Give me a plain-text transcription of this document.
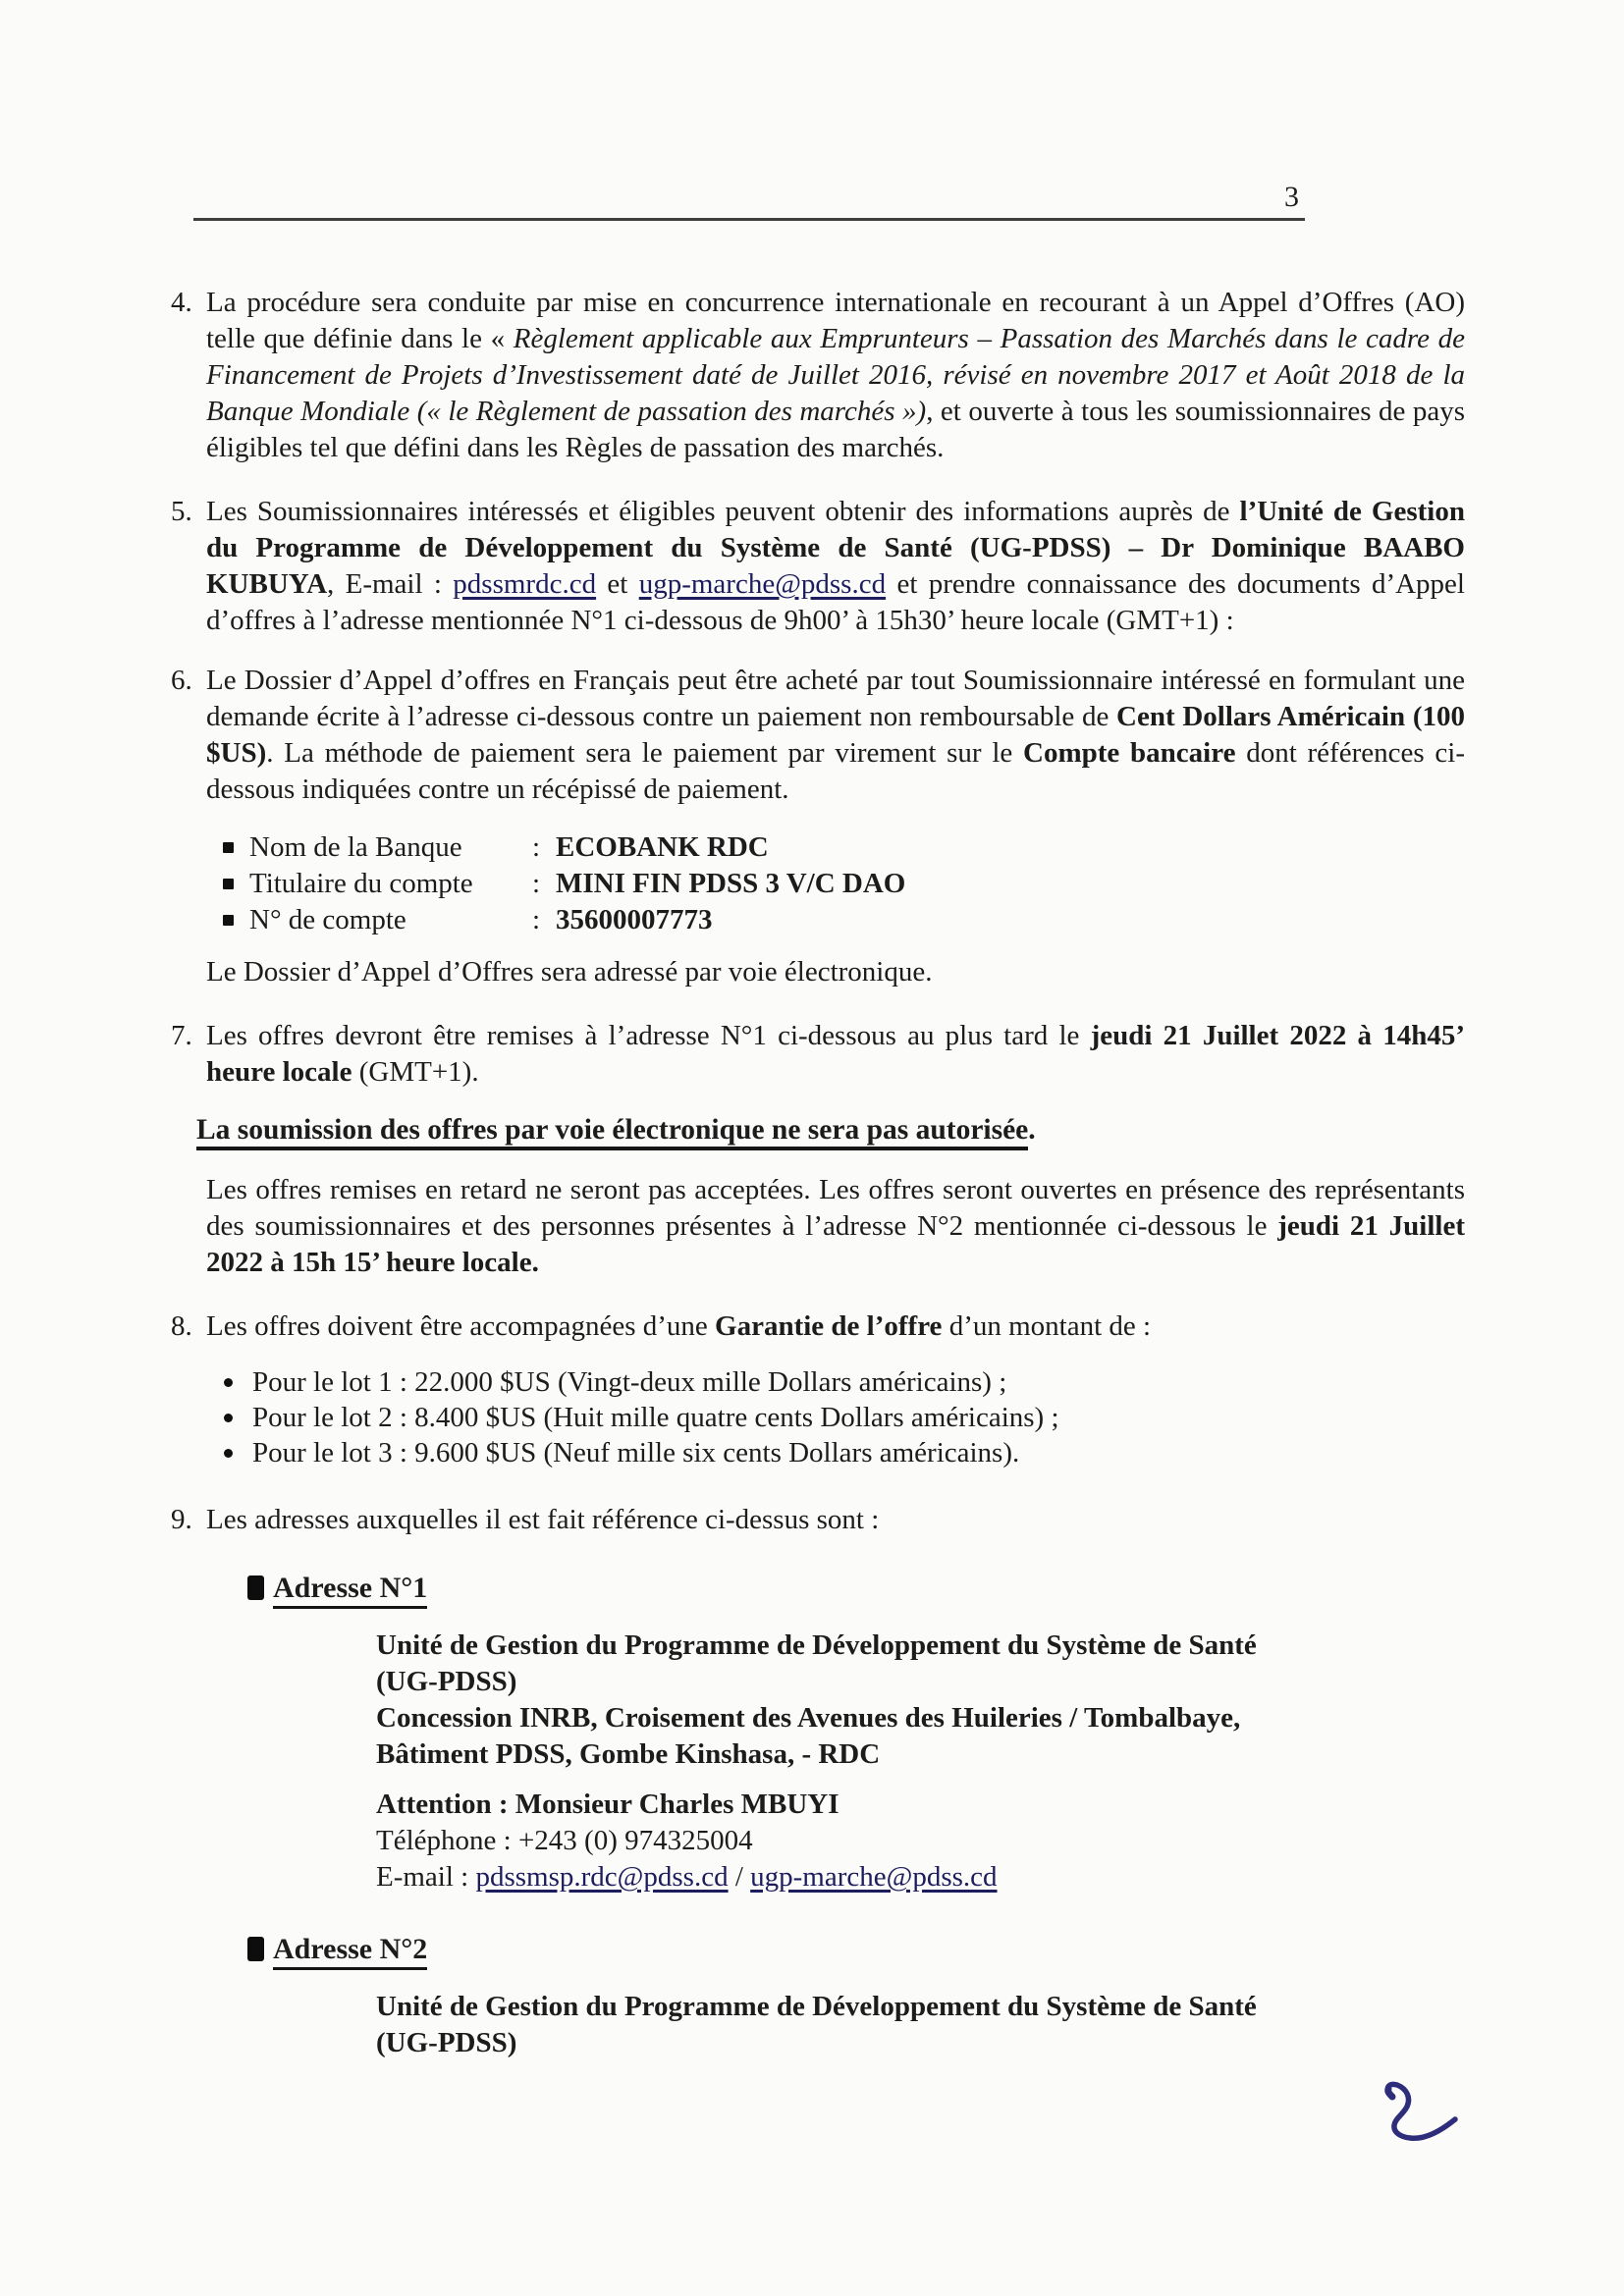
3
4. La procédure sera conduite par mise en concurrence internationale en recourant à un Appel d’Offres (AO) telle que définie dans le « Règlement applicable aux Emprunteurs – Passation des Marchés dans le cadre de Financement de Projets d’Investissement daté de Juillet 2016, révisé en novembre 2017 et Août 2018 de la Banque Mondiale (« le Règlement de passation des marchés »), et ouverte à tous les soumissionnaires de pays éligibles tel que défini dans les Règles de passation des marchés.
5. Les Soumissionnaires intéressés et éligibles peuvent obtenir des informations auprès de l’Unité de Gestion du Programme de Développement du Système de Santé (UG-PDSS) – Dr Dominique BAABO KUBUYA, E-mail : pdssmrdc.cd et ugp-marche@pdss.cd et prendre connaissance des documents d’Appel d’offres à l’adresse mentionnée N°1 ci-dessous de 9h00’ à 15h30’ heure locale (GMT+1) :
6. Le Dossier d’Appel d’offres en Français peut être acheté par tout Soumissionnaire intéressé en formulant une demande écrite à l’adresse ci-dessous contre un paiement non remboursable de Cent Dollars Américain (100 $US). La méthode de paiement sera le paiement par virement sur le Compte bancaire dont références ci-dessous indiquées contre un récépissé de paiement.
Nom de la Banque	: ECOBANK RDC
Titulaire du compte	: MINI FIN PDSS 3 V/C DAO
N° de compte	: 35600007773
Le Dossier d’Appel d’Offres sera adressé par voie électronique.
7. Les offres devront être remises à l’adresse N°1 ci-dessous au plus tard le jeudi 21 Juillet 2022 à 14h45’ heure locale (GMT+1).
La soumission des offres par voie électronique ne sera pas autorisée.
Les offres remises en retard ne seront pas acceptées. Les offres seront ouvertes en présence des représentants des soumissionnaires et des personnes présentes à l’adresse N°2 mentionnée ci-dessous le jeudi 21 Juillet 2022 à 15h 15’ heure locale.
8. Les offres doivent être accompagnées d’une Garantie de l’offre d’un montant de :
Pour le lot 1 : 22.000 $US (Vingt-deux mille Dollars américains) ;
Pour le lot 2 : 8.400 $US (Huit mille quatre cents Dollars américains) ;
Pour le lot 3 : 9.600 $US (Neuf mille six cents Dollars américains).
9. Les adresses auxquelles il est fait référence ci-dessus sont :
Adresse N°1
Unité de Gestion du Programme de Développement du Système de Santé
(UG-PDSS)
Concession INRB, Croisement des Avenues des Huileries / Tombalbaye,
Bâtiment PDSS, Gombe Kinshasa, - RDC
Attention : Monsieur Charles MBUYI
Téléphone : +243 (0) 974325004
E-mail : pdssmsp.rdc@pdss.cd / ugp-marche@pdss.cd
Adresse N°2
Unité de Gestion du Programme de Développement du Système de Santé
(UG-PDSS)
